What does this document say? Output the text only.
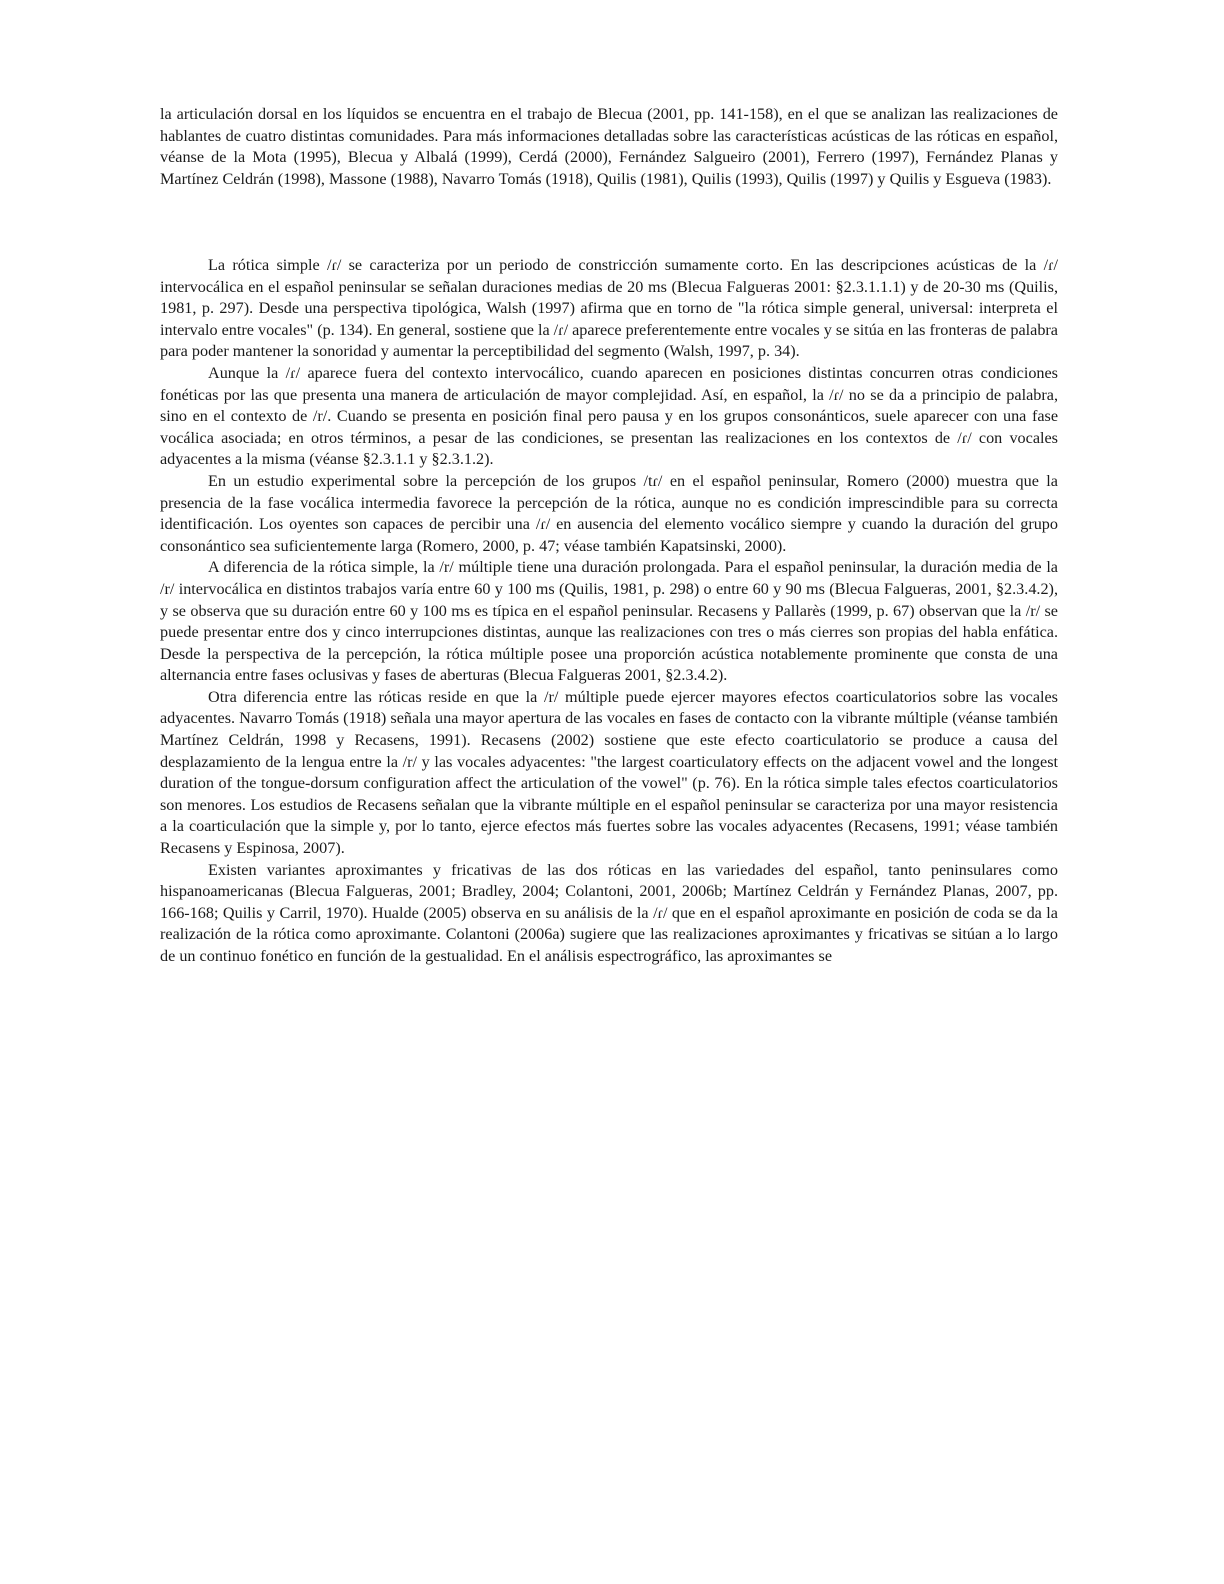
la articulación dorsal en los líquidos se encuentra en el trabajo de Blecua (2001, pp. 141-158), en el que se analizan las realizaciones de hablantes de cuatro distintas comunidades. Para más informaciones detalladas sobre las características acústicas de las róticas en español, véanse de la Mota (1995), Blecua y Albalá (1999), Cerdá (2000), Fernández Salgueiro (2001), Ferrero (1997), Fernández Planas y Martínez Celdrán (1998), Massone (1988), Navarro Tomás (1918), Quilis (1981), Quilis (1993), Quilis (1997) y Quilis y Esgueva (1983).

La rótica simple /ɾ/ se caracteriza por un periodo de constricción sumamente corto. En las descripciones acústicas de la /ɾ/ intervocálica en el español peninsular se señalan duraciones medias de 20 ms (Blecua Falgueras 2001: §2.3.1.1.1) y de 20-30 ms (Quilis, 1981, p. 297). Desde una perspectiva tipológica, Walsh (1997) afirma que en torno de "la rótica simple general, universal: interpreta el intervalo entre vocales" (p. 134). En general, sostiene que la /ɾ/ aparece preferentemente entre vocales y se sitúa en las fronteras de palabra para poder mantener la sonoridad y aumentar la perceptibilidad del segmento (Walsh, 1997, p. 34).

Aunque la /ɾ/ aparece fuera del contexto intervocálico, cuando aparecen en posiciones distintas concurren otras condiciones fonéticas por las que presenta una manera de articulación de mayor complejidad. Así, en español, la /ɾ/ no se da a principio de palabra, sino en el contexto de /r/. Cuando se presenta en posición final pero pausa y en los grupos consonánticos, suele aparecer con una fase vocálica asociada; en otros términos, a pesar de las condiciones, se presentan las realizaciones en los contextos de /ɾ/ con vocales adyacentes a la misma (véanse §2.3.1.1 y §2.3.1.2).

En un estudio experimental sobre la percepción de los grupos /tɾ/ en el español peninsular, Romero (2000) muestra que la presencia de la fase vocálica intermedia favorece la percepción de la rótica, aunque no es condición imprescindible para su correcta identificación. Los oyentes son capaces de percibir una /ɾ/ en ausencia del elemento vocálico siempre y cuando la duración del grupo consonántico sea suficientemente larga (Romero, 2000, p. 47; véase también Kapatsinski, 2000).

A diferencia de la rótica simple, la /r/ múltiple tiene una duración prolongada. Para el español peninsular, la duración media de la /r/ intervocálica en distintos trabajos varía entre 60 y 100 ms (Quilis, 1981, p. 298) o entre 60 y 90 ms (Blecua Falgueras, 2001, §2.3.4.2), y se observa que su duración entre 60 y 100 ms es típica en el español peninsular. Recasens y Pallarès (1999, p. 67) observan que la /r/ se puede presentar entre dos y cinco interrupciones distintas, aunque las realizaciones con tres o más cierres son propias del habla enfática. Desde la perspectiva de la percepción, la rótica múltiple posee una proporción acústica notablemente prominente que consta de una alternancia entre fases oclusivas y fases de aberturas (Blecua Falgueras 2001, §2.3.4.2).

Otra diferencia entre las róticas reside en que la /r/ múltiple puede ejercer mayores efectos coarticulatorios sobre las vocales adyacentes. Navarro Tomás (1918) señala una mayor apertura de las vocales en fases de contacto con la vibrante múltiple (véanse también Martínez Celdrán, 1998 y Recasens, 1991). Recasens (2002) sostiene que este efecto coarticulatorio se produce a causa del desplazamiento de la lengua entre la /r/ y las vocales adyacentes: "the largest coarticulatory effects on the adjacent vowel and the longest duration of the tongue-dorsum configuration affect the articulation of the vowel" (p. 76). En la rótica simple tales efectos coarticulatorios son menores. Los estudios de Recasens señalan que la vibrante múltiple en el español peninsular se caracteriza por una mayor resistencia a la coarticulación que la simple y, por lo tanto, ejerce efectos más fuertes sobre las vocales adyacentes (Recasens, 1991; véase también Recasens y Espinosa, 2007).

Existen variantes aproximantes y fricativas de las dos róticas en las variedades del español, tanto peninsulares como hispanoamericanas (Blecua Falgueras, 2001; Bradley, 2004; Colantoni, 2001, 2006b; Martínez Celdrán y Fernández Planas, 2007, pp. 166-168; Quilis y Carril, 1970). Hualde (2005) observa en su análisis de la /ɾ/ que en el español aproximante en posición de coda se da la realización de la rótica como aproximante. Colantoni (2006a) sugiere que las realizaciones aproximantes y fricativas se sitúan a lo largo de un continuo fonético en función de la gestualidad. En el análisis espectrográfico, las aproximantes se
